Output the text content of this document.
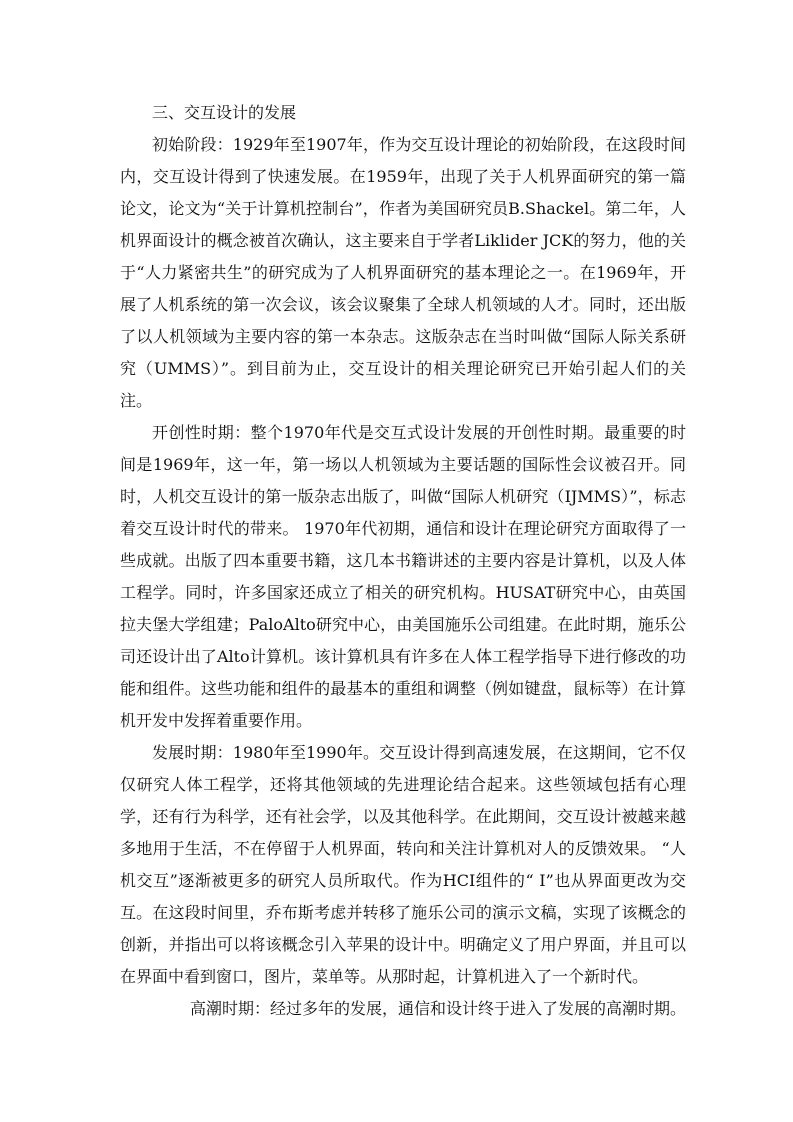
三、交互设计的发展

初始阶段：1929年至1907年，作为交互设计理论的初始阶段，在这段时间内，交互设计得到了快速发展。在1959年，出现了关于人机界面研究的第一篇论文，论文为“关于计算机控制台”，作者为美国研究员B.Shackel。第二年，人机界面设计的概念被首次确认，这主要来自于学者Liklider JCK的努力，他的关于“人力紧密共生”的研究成为了人机界面研究的基本理论之一。在1969年，开展了人机系统的第一次会议，该会议聚集了全球人机领域的人才。同时，还出版了以人机领域为主要内容的第一本杂志。这版杂志在当时叫做“国际人际关系研究（UMMS）”。到目前为止，交互设计的相关理论研究已开始引起人们的关注。

开创性时期：整个1970年代是交互式设计发展的开创性时期。最重要的时间是1969年，这一年，第一场以人机领域为主要话题的国际性会议被召开。同时，人机交互设计的第一版杂志出版了，叫做“国际人机研究（IJMMS）”，标志着交互设计时代的带来。 1970年代初期，通信和设计在理论研究方面取得了一些成就。出版了四本重要书籍，这几本书籍讲述的主要内容是计算机，以及人体工程学。同时，许多国家还成立了相关的研究机构。HUSAT研究中心，由英国拉夫堡大学组建；PaloAlto研究中心，由美国施乐公司组建。在此时期，施乐公司还设计出了Alto计算机。该计算机具有许多在人体工程学指导下进行修改的功能和组件。这些功能和组件的最基本的重组和调整（例如键盘，鼠标等）在计算机开发中发挥着重要作用。

发展时期：1980年至1990年。交互设计得到高速发展，在这期间，它不仅仅研究人体工程学，还将其他领域的先进理论结合起来。这些领域包括有心理学，还有行为科学，还有社会学，以及其他科学。在此期间，交互设计被越来越多地用于生活，不在停留于人机界面，转向和关注计算机对人的反馈效果。 “人机交互”逐渐被更多的研究人员所取代。作为HCI组件的“ I”也从界面更改为交互。在这段时间里，乔布斯考虑并转移了施乐公司的演示文稿，实现了该概念的创新，并指出可以将该概念引入苹果的设计中。明确定义了用户界面，并且可以在界面中看到窗口，图片，菜单等。从那时起，计算机进入了一个新时代。

高潮时期：经过多年的发展，通信和设计终于进入了发展的高潮时期。
